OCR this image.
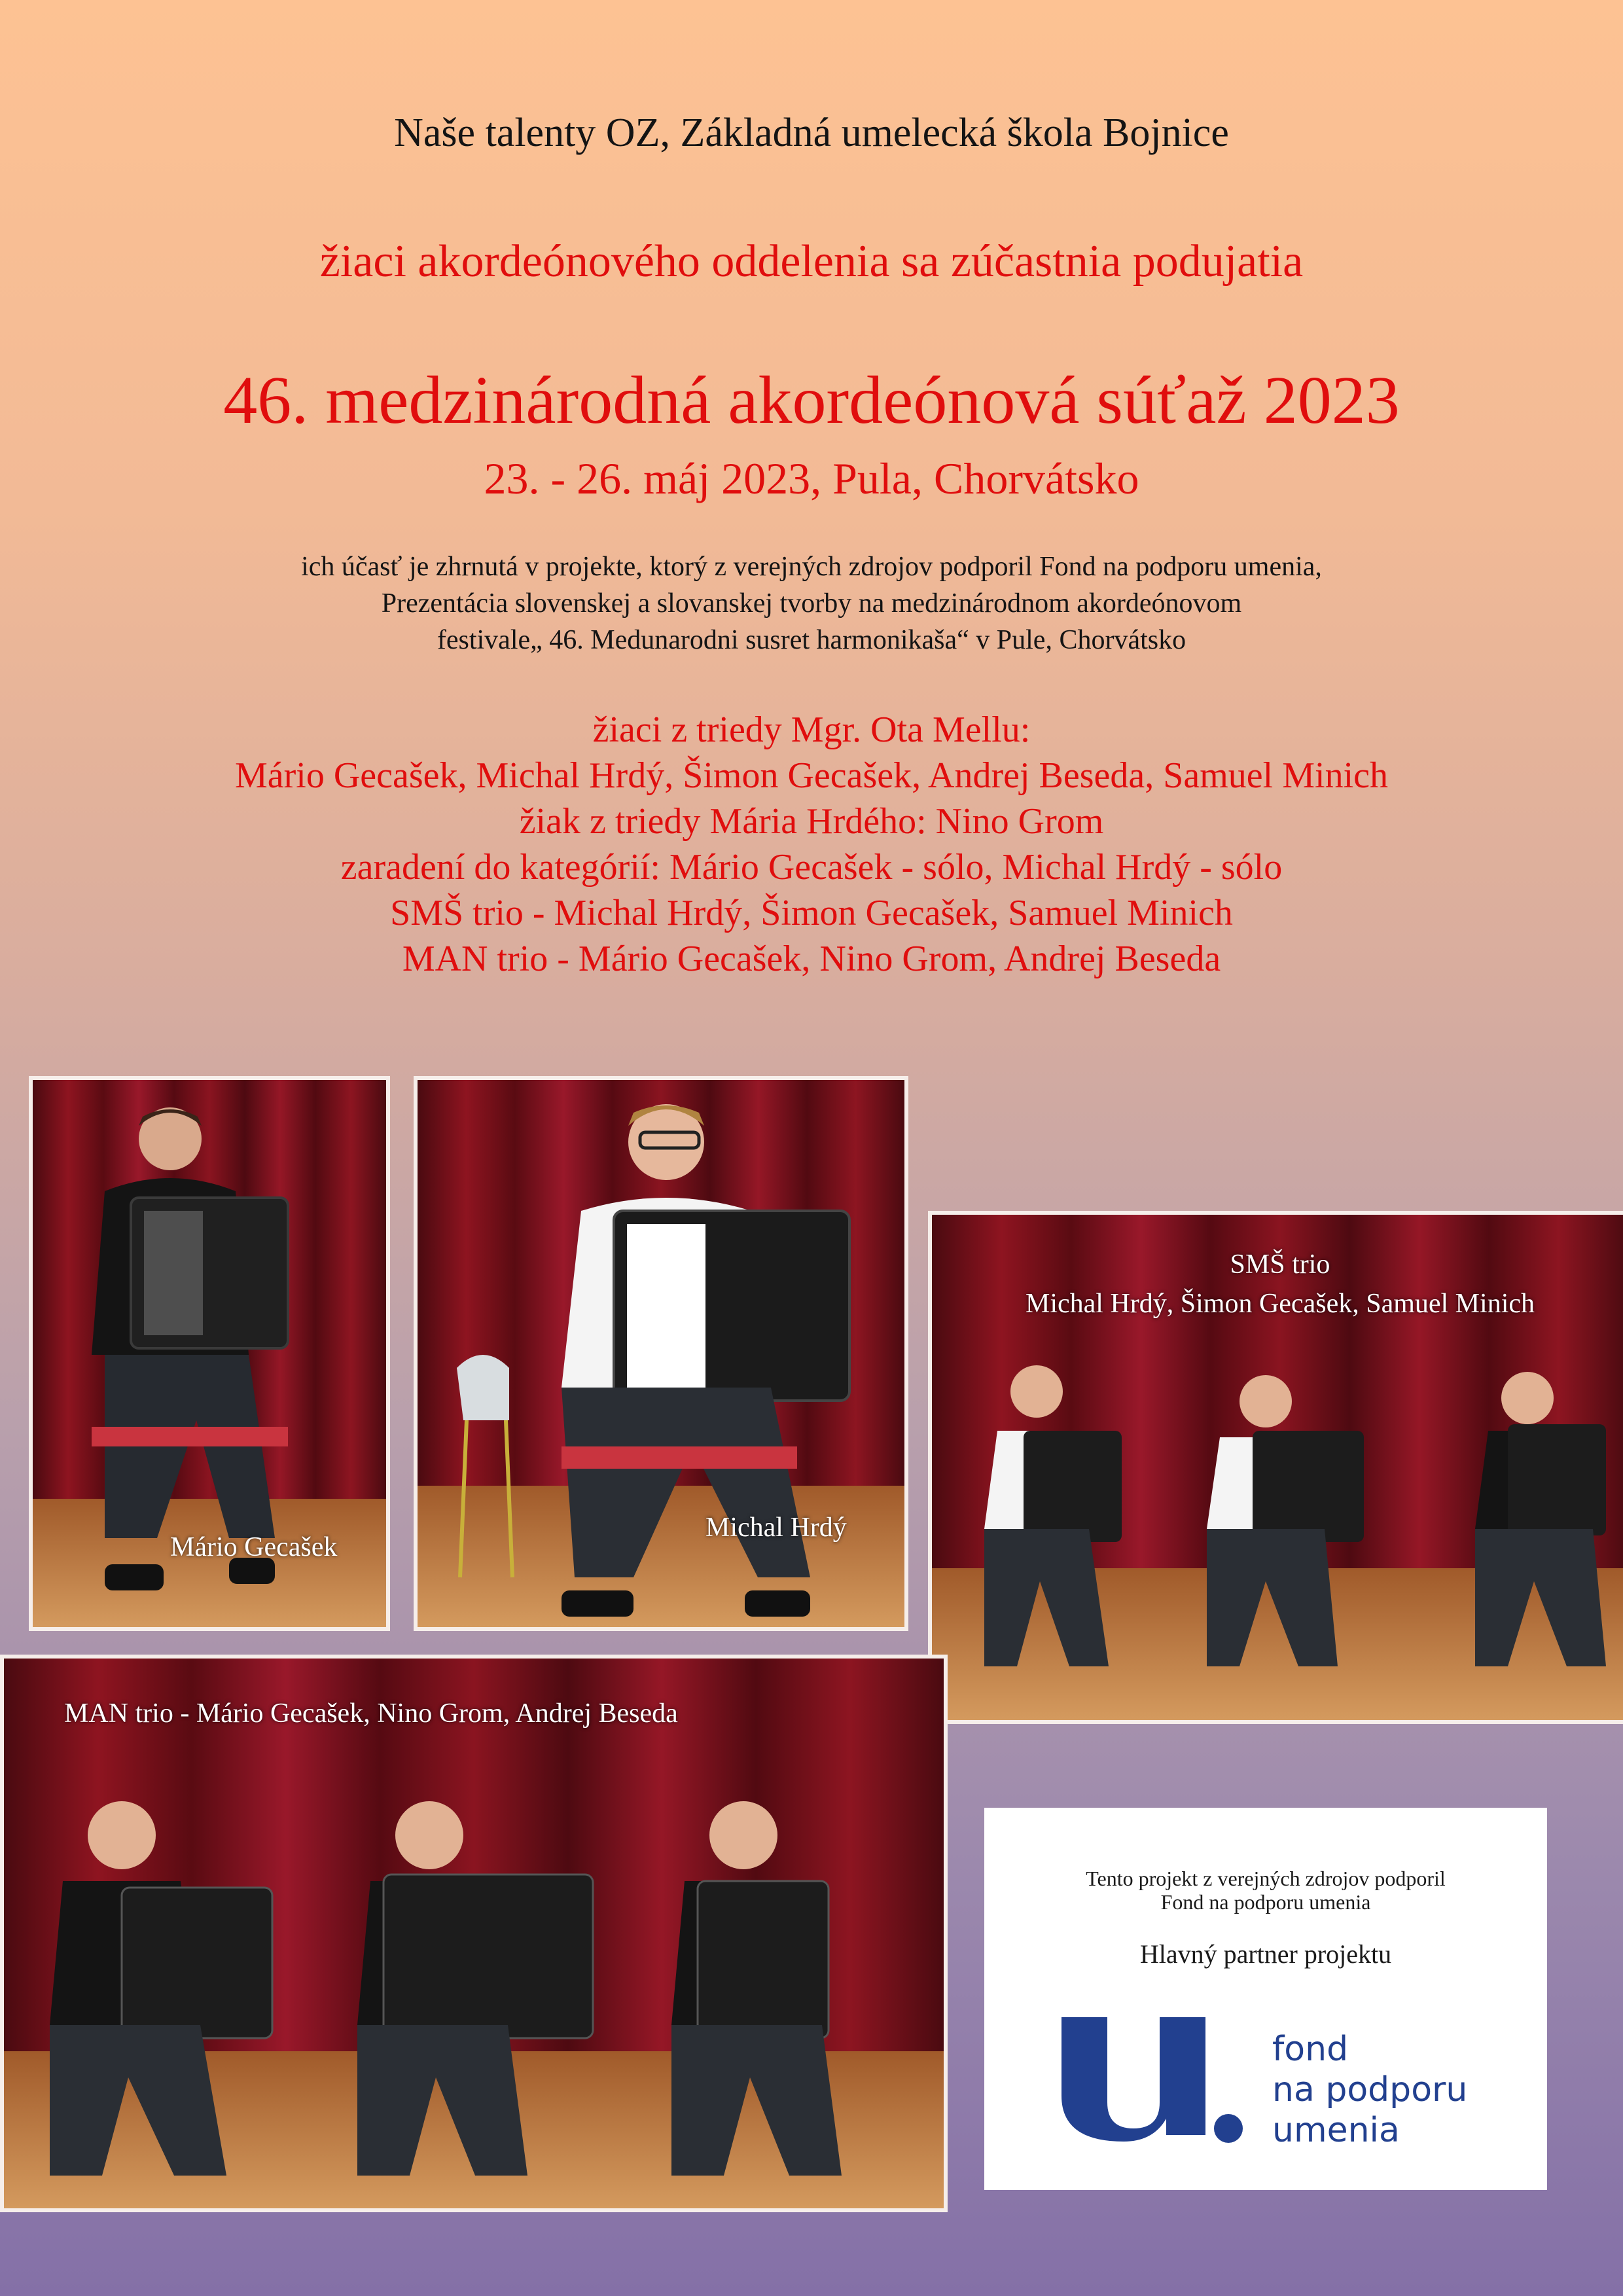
Naše talenty OZ, Základná umelecká škola Bojnice

žiaci akordeónového oddelenia sa zúčastnia podujatia

46. medzinárodná akordeónová súťaž 2023

23. - 26. máj 2023, Pula, Chorvátsko

ich účasť je zhrnutá v projekte, ktorý z verejných zdrojov podporil Fond na podporu umenia,
Prezentácia slovenskej a slovanskej tvorby na medzinárodnom akordeónovom
festivale„ 46. Medunarodni susret harmonikaša“ v Pule, Chorvátsko
žiaci z triedy Mgr. Ota Mellu:
Mário Gecašek, Michal Hrdý, Šimon Gecašek, Andrej Beseda, Samuel Minich
žiak z triedy Mária Hrdého: Nino Grom
zaradení do kategórií: Mário Gecašek - sólo, Michal Hrdý - sólo
SMŠ trio - Michal Hrdý, Šimon Gecašek, Samuel Minich
MAN trio - Mário Gecašek, Nino Grom, Andrej Beseda
Mário Gecašek
Michal Hrdý
SMŠ trio
Michal Hrdý, Šimon Gecašek, Samuel Minich
MAN trio - Mário Gecašek, Nino Grom, Andrej Beseda
Tento projekt z verejných zdrojov podporil
Fond na podporu umenia
Hlavný partner projektu
fond
na podporu
umenia
